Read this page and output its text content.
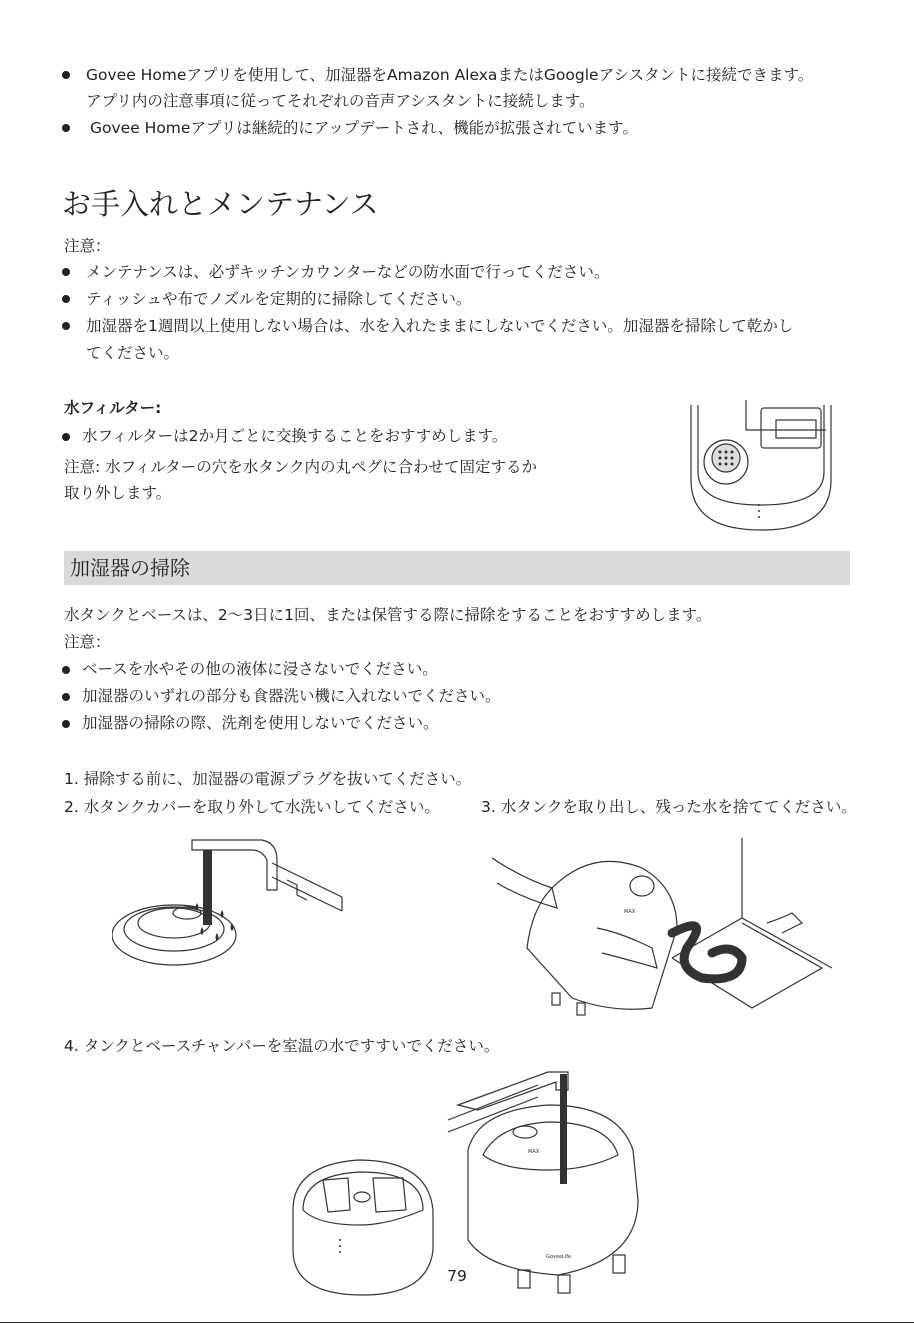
Govee Homeアプリを使用して、加湿器をAmazon AlexaまたはGoogleアシスタントに接続できます。
アプリ内の注意事項に従ってそれぞれの音声アシスタントに接続します。
Govee Homeアプリは継続的にアップデートされ、機能が拡張されています。
お手入れとメンテナンス
注意：
メンテナンスは、必ずキッチンカウンターなどの防水面で行ってください。
ティッシュや布でノズルを定期的に掃除してください。
加湿器を1週間以上使用しない場合は、水を入れたままにしないでください。加湿器を掃除して乾かし
てください。
水フィルター:
水フィルターは2か月ごとに交換することをおすすめします。
注意: 水フィルターの穴を水タンク内の丸ペグに合わせて固定するか
取り外します。
加湿器の掃除
水タンクとベースは、2〜3日に1回、または保管する際に掃除をすることをおすすめします。
注意：
ベースを水やその他の液体に浸さないでください。
加湿器のいずれの部分も食器洗い機に入れないでください。
加湿器の掃除の際、洗剤を使用しないでください。
1. 掃除する前に、加湿器の電源プラグを抜いてください。
2. 水タンクカバーを取り外して水洗いしてください。	3. 水タンクを取り出し、残った水を捨ててください。
MAX
4. タンクとベースチャンバーを室温の水ですすいでください。
MAX
GoveeLife
79
